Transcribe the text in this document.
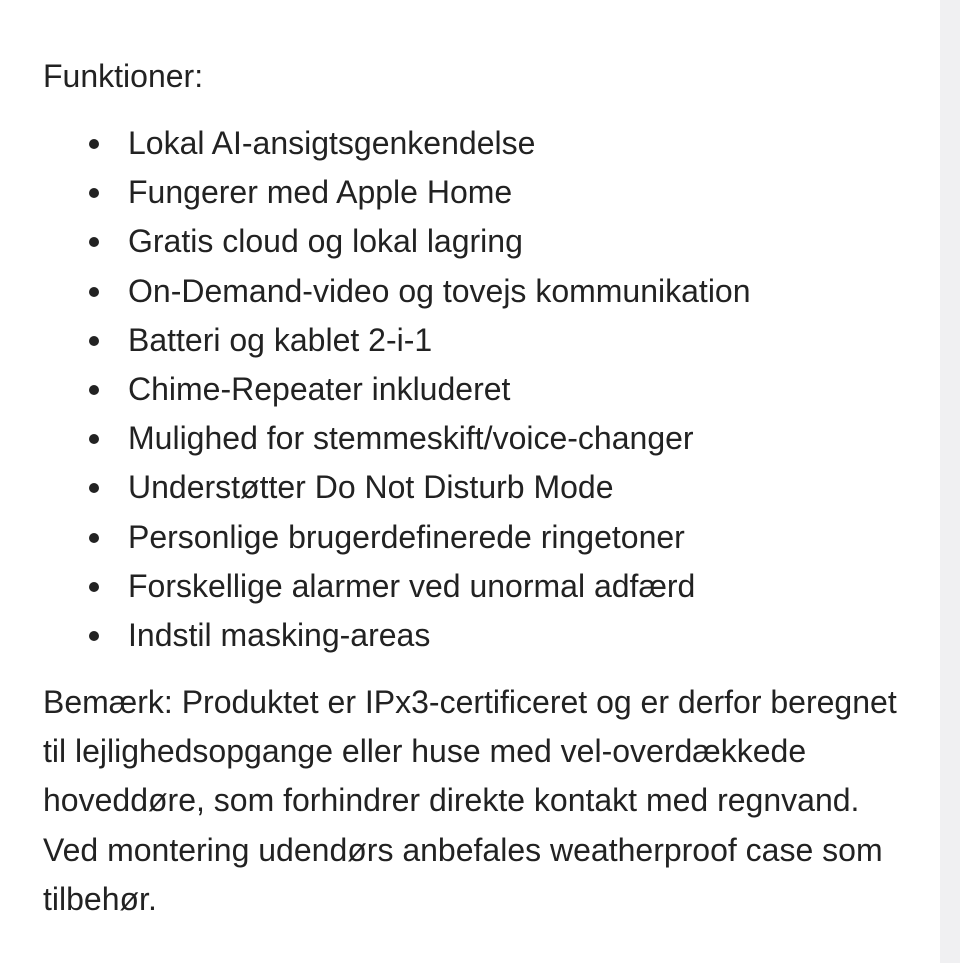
Funktioner:

Lokal AI-ansigtsgenkendelse
Fungerer med Apple Home
Gratis cloud og lokal lagring
On-Demand-video og tovejs kommunikation
Batteri og kablet 2-i-1
Chime-Repeater inkluderet
Mulighed for stemmeskift/voice-changer
Understøtter Do Not Disturb Mode
Personlige brugerdefinerede ringetoner
Forskellige alarmer ved unormal adfærd
Indstil masking-areas

Bemærk: Produktet er IPx3-certificeret og er derfor beregnet til lejlighedsopgange eller huse med vel-overdækkede hoveddøre, som forhindrer direkte kontakt med regnvand. Ved montering udendørs anbefales weatherproof case som tilbehør.
